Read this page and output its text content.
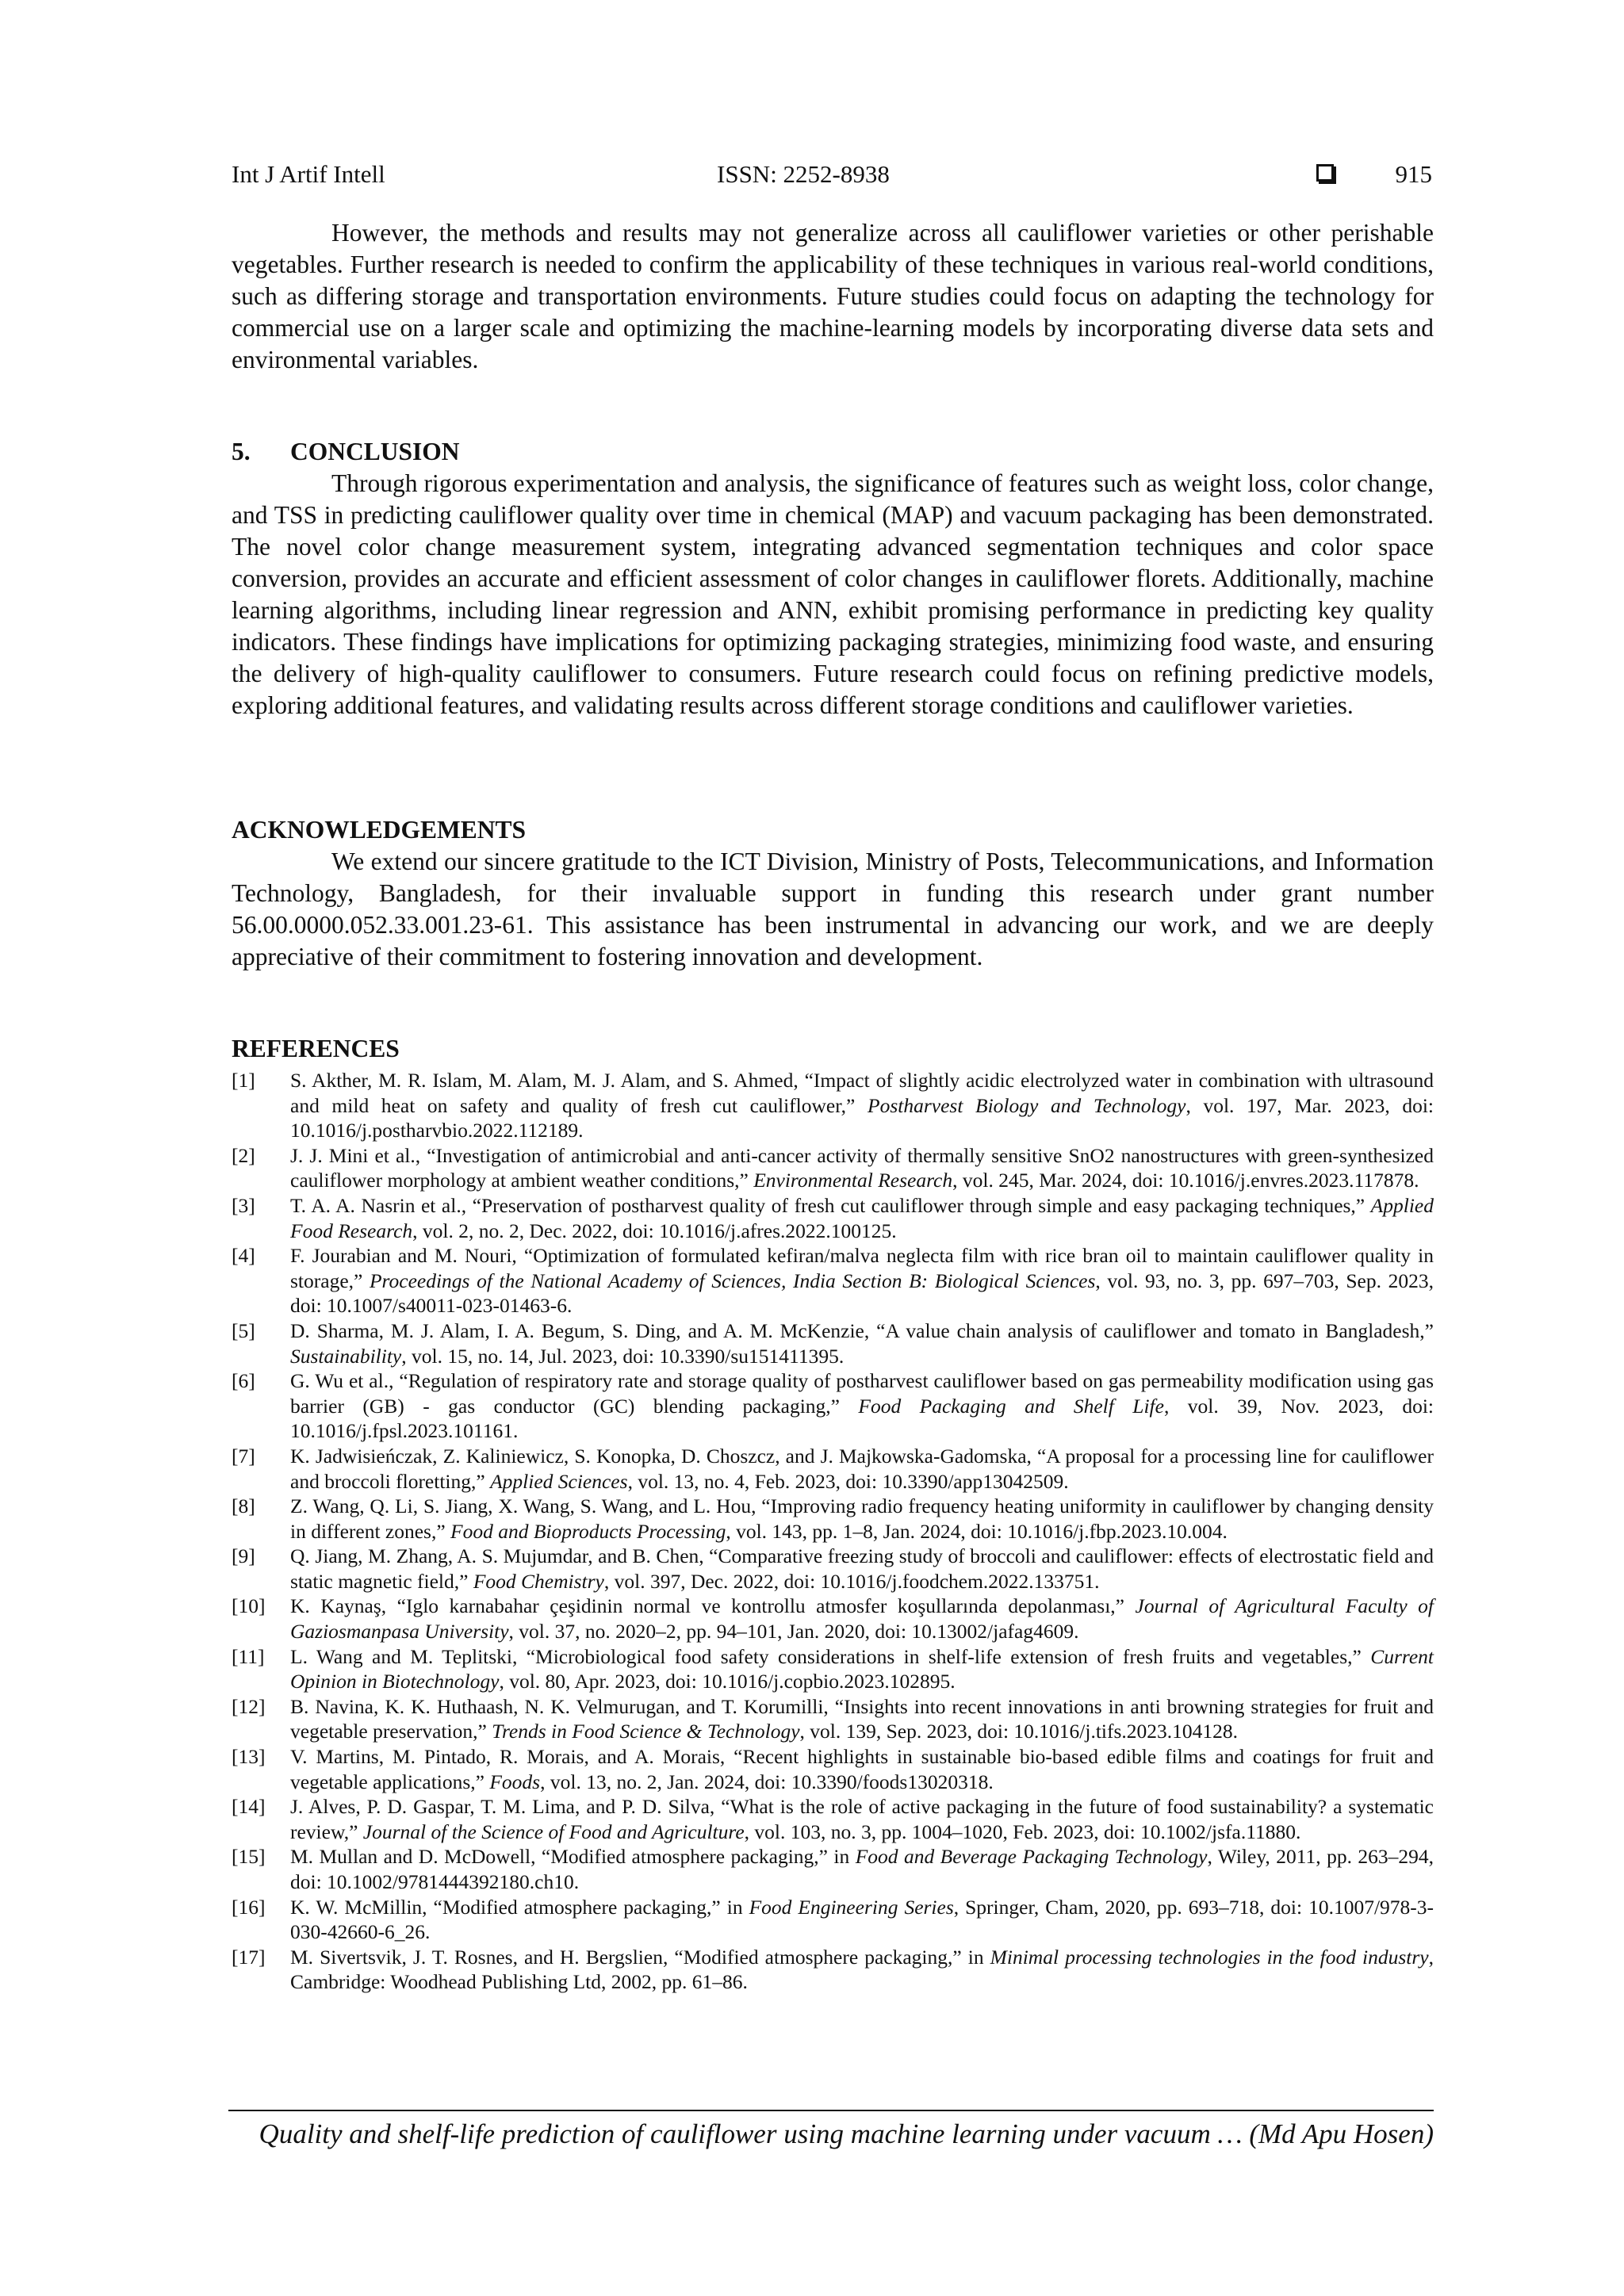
Int J Artif Intell	ISSN: 2252-8938	915

However, the methods and results may not generalize across all cauliflower varieties or other perishable vegetables. Further research is needed to confirm the applicability of these techniques in various real-world conditions, such as differing storage and transportation environments. Future studies could focus on adapting the technology for commercial use on a larger scale and optimizing the machine-learning models by incorporating diverse data sets and environmental variables.

5. CONCLUSION

Through rigorous experimentation and analysis, the significance of features such as weight loss, color change, and TSS in predicting cauliflower quality over time in chemical (MAP) and vacuum packaging has been demonstrated. The novel color change measurement system, integrating advanced segmentation techniques and color space conversion, provides an accurate and efficient assessment of color changes in cauliflower florets. Additionally, machine learning algorithms, including linear regression and ANN, exhibit promising performance in predicting key quality indicators. These findings have implications for optimizing packaging strategies, minimizing food waste, and ensuring the delivery of high-quality cauliflower to consumers. Future research could focus on refining predictive models, exploring additional features, and validating results across different storage conditions and cauliflower varieties.

ACKNOWLEDGEMENTS

We extend our sincere gratitude to the ICT Division, Ministry of Posts, Telecommunications, and Information Technology, Bangladesh, for their invaluable support in funding this research under grant number 56.00.0000.052.33.001.23-61. This assistance has been instrumental in advancing our work, and we are deeply appreciative of their commitment to fostering innovation and development.

REFERENCES
[1] S. Akther, M. R. Islam, M. Alam, M. J. Alam, and S. Ahmed, “Impact of slightly acidic electrolyzed water in combination with ultrasound and mild heat on safety and quality of fresh cut cauliflower,” Postharvest Biology and Technology, vol. 197, Mar. 2023, doi: 10.1016/j.postharvbio.2022.112189.
[2] J. J. Mini et al., “Investigation of antimicrobial and anti-cancer activity of thermally sensitive SnO2 nanostructures with green-synthesized cauliflower morphology at ambient weather conditions,” Environmental Research, vol. 245, Mar. 2024, doi: 10.1016/j.envres.2023.117878.
[3] T. A. A. Nasrin et al., “Preservation of postharvest quality of fresh cut cauliflower through simple and easy packaging techniques,” Applied Food Research, vol. 2, no. 2, Dec. 2022, doi: 10.1016/j.afres.2022.100125.
[4] F. Jourabian and M. Nouri, “Optimization of formulated kefiran/malva neglecta film with rice bran oil to maintain cauliflower quality in storage,” Proceedings of the National Academy of Sciences, India Section B: Biological Sciences, vol. 93, no. 3, pp. 697–703, Sep. 2023, doi: 10.1007/s40011-023-01463-6.
[5] D. Sharma, M. J. Alam, I. A. Begum, S. Ding, and A. M. McKenzie, “A value chain analysis of cauliflower and tomato in Bangladesh,” Sustainability, vol. 15, no. 14, Jul. 2023, doi: 10.3390/su151411395.
[6] G. Wu et al., “Regulation of respiratory rate and storage quality of postharvest cauliflower based on gas permeability modification using gas barrier (GB) - gas conductor (GC) blending packaging,” Food Packaging and Shelf Life, vol. 39, Nov. 2023, doi: 10.1016/j.fpsl.2023.101161.
[7] K. Jadwisieńczak, Z. Kaliniewicz, S. Konopka, D. Choszcz, and J. Majkowska-Gadomska, “A proposal for a processing line for cauliflower and broccoli floretting,” Applied Sciences, vol. 13, no. 4, Feb. 2023, doi: 10.3390/app13042509.
[8] Z. Wang, Q. Li, S. Jiang, X. Wang, S. Wang, and L. Hou, “Improving radio frequency heating uniformity in cauliflower by changing density in different zones,” Food and Bioproducts Processing, vol. 143, pp. 1–8, Jan. 2024, doi: 10.1016/j.fbp.2023.10.004.
[9] Q. Jiang, M. Zhang, A. S. Mujumdar, and B. Chen, “Comparative freezing study of broccoli and cauliflower: effects of electrostatic field and static magnetic field,” Food Chemistry, vol. 397, Dec. 2022, doi: 10.1016/j.foodchem.2022.133751.
[10] K. Kaynaş, “Iglo karnabahar çeşidinin normal ve kontrollu atmosfer koşullarında depolanması,” Journal of Agricultural Faculty of Gaziosmanpasa University, vol. 37, no. 2020–2, pp. 94–101, Jan. 2020, doi: 10.13002/jafag4609.
[11] L. Wang and M. Teplitski, “Microbiological food safety considerations in shelf-life extension of fresh fruits and vegetables,” Current Opinion in Biotechnology, vol. 80, Apr. 2023, doi: 10.1016/j.copbio.2023.102895.
[12] B. Navina, K. K. Huthaash, N. K. Velmurugan, and T. Korumilli, “Insights into recent innovations in anti browning strategies for fruit and vegetable preservation,” Trends in Food Science & Technology, vol. 139, Sep. 2023, doi: 10.1016/j.tifs.2023.104128.
[13] V. Martins, M. Pintado, R. Morais, and A. Morais, “Recent highlights in sustainable bio-based edible films and coatings for fruit and vegetable applications,” Foods, vol. 13, no. 2, Jan. 2024, doi: 10.3390/foods13020318.
[14] J. Alves, P. D. Gaspar, T. M. Lima, and P. D. Silva, “What is the role of active packaging in the future of food sustainability? a systematic review,” Journal of the Science of Food and Agriculture, vol. 103, no. 3, pp. 1004–1020, Feb. 2023, doi: 10.1002/jsfa.11880.
[15] M. Mullan and D. McDowell, “Modified atmosphere packaging,” in Food and Beverage Packaging Technology, Wiley, 2011, pp. 263–294, doi: 10.1002/9781444392180.ch10.
[16] K. W. McMillin, “Modified atmosphere packaging,” in Food Engineering Series, Springer, Cham, 2020, pp. 693–718, doi: 10.1007/978-3-030-42660-6_26.
[17] M. Sivertsvik, J. T. Rosnes, and H. Bergslien, “Modified atmosphere packaging,” in Minimal processing technologies in the food industry, Cambridge: Woodhead Publishing Ltd, 2002, pp. 61–86.
Quality and shelf-life prediction of cauliflower using machine learning under vacuum … (Md Apu Hosen)
